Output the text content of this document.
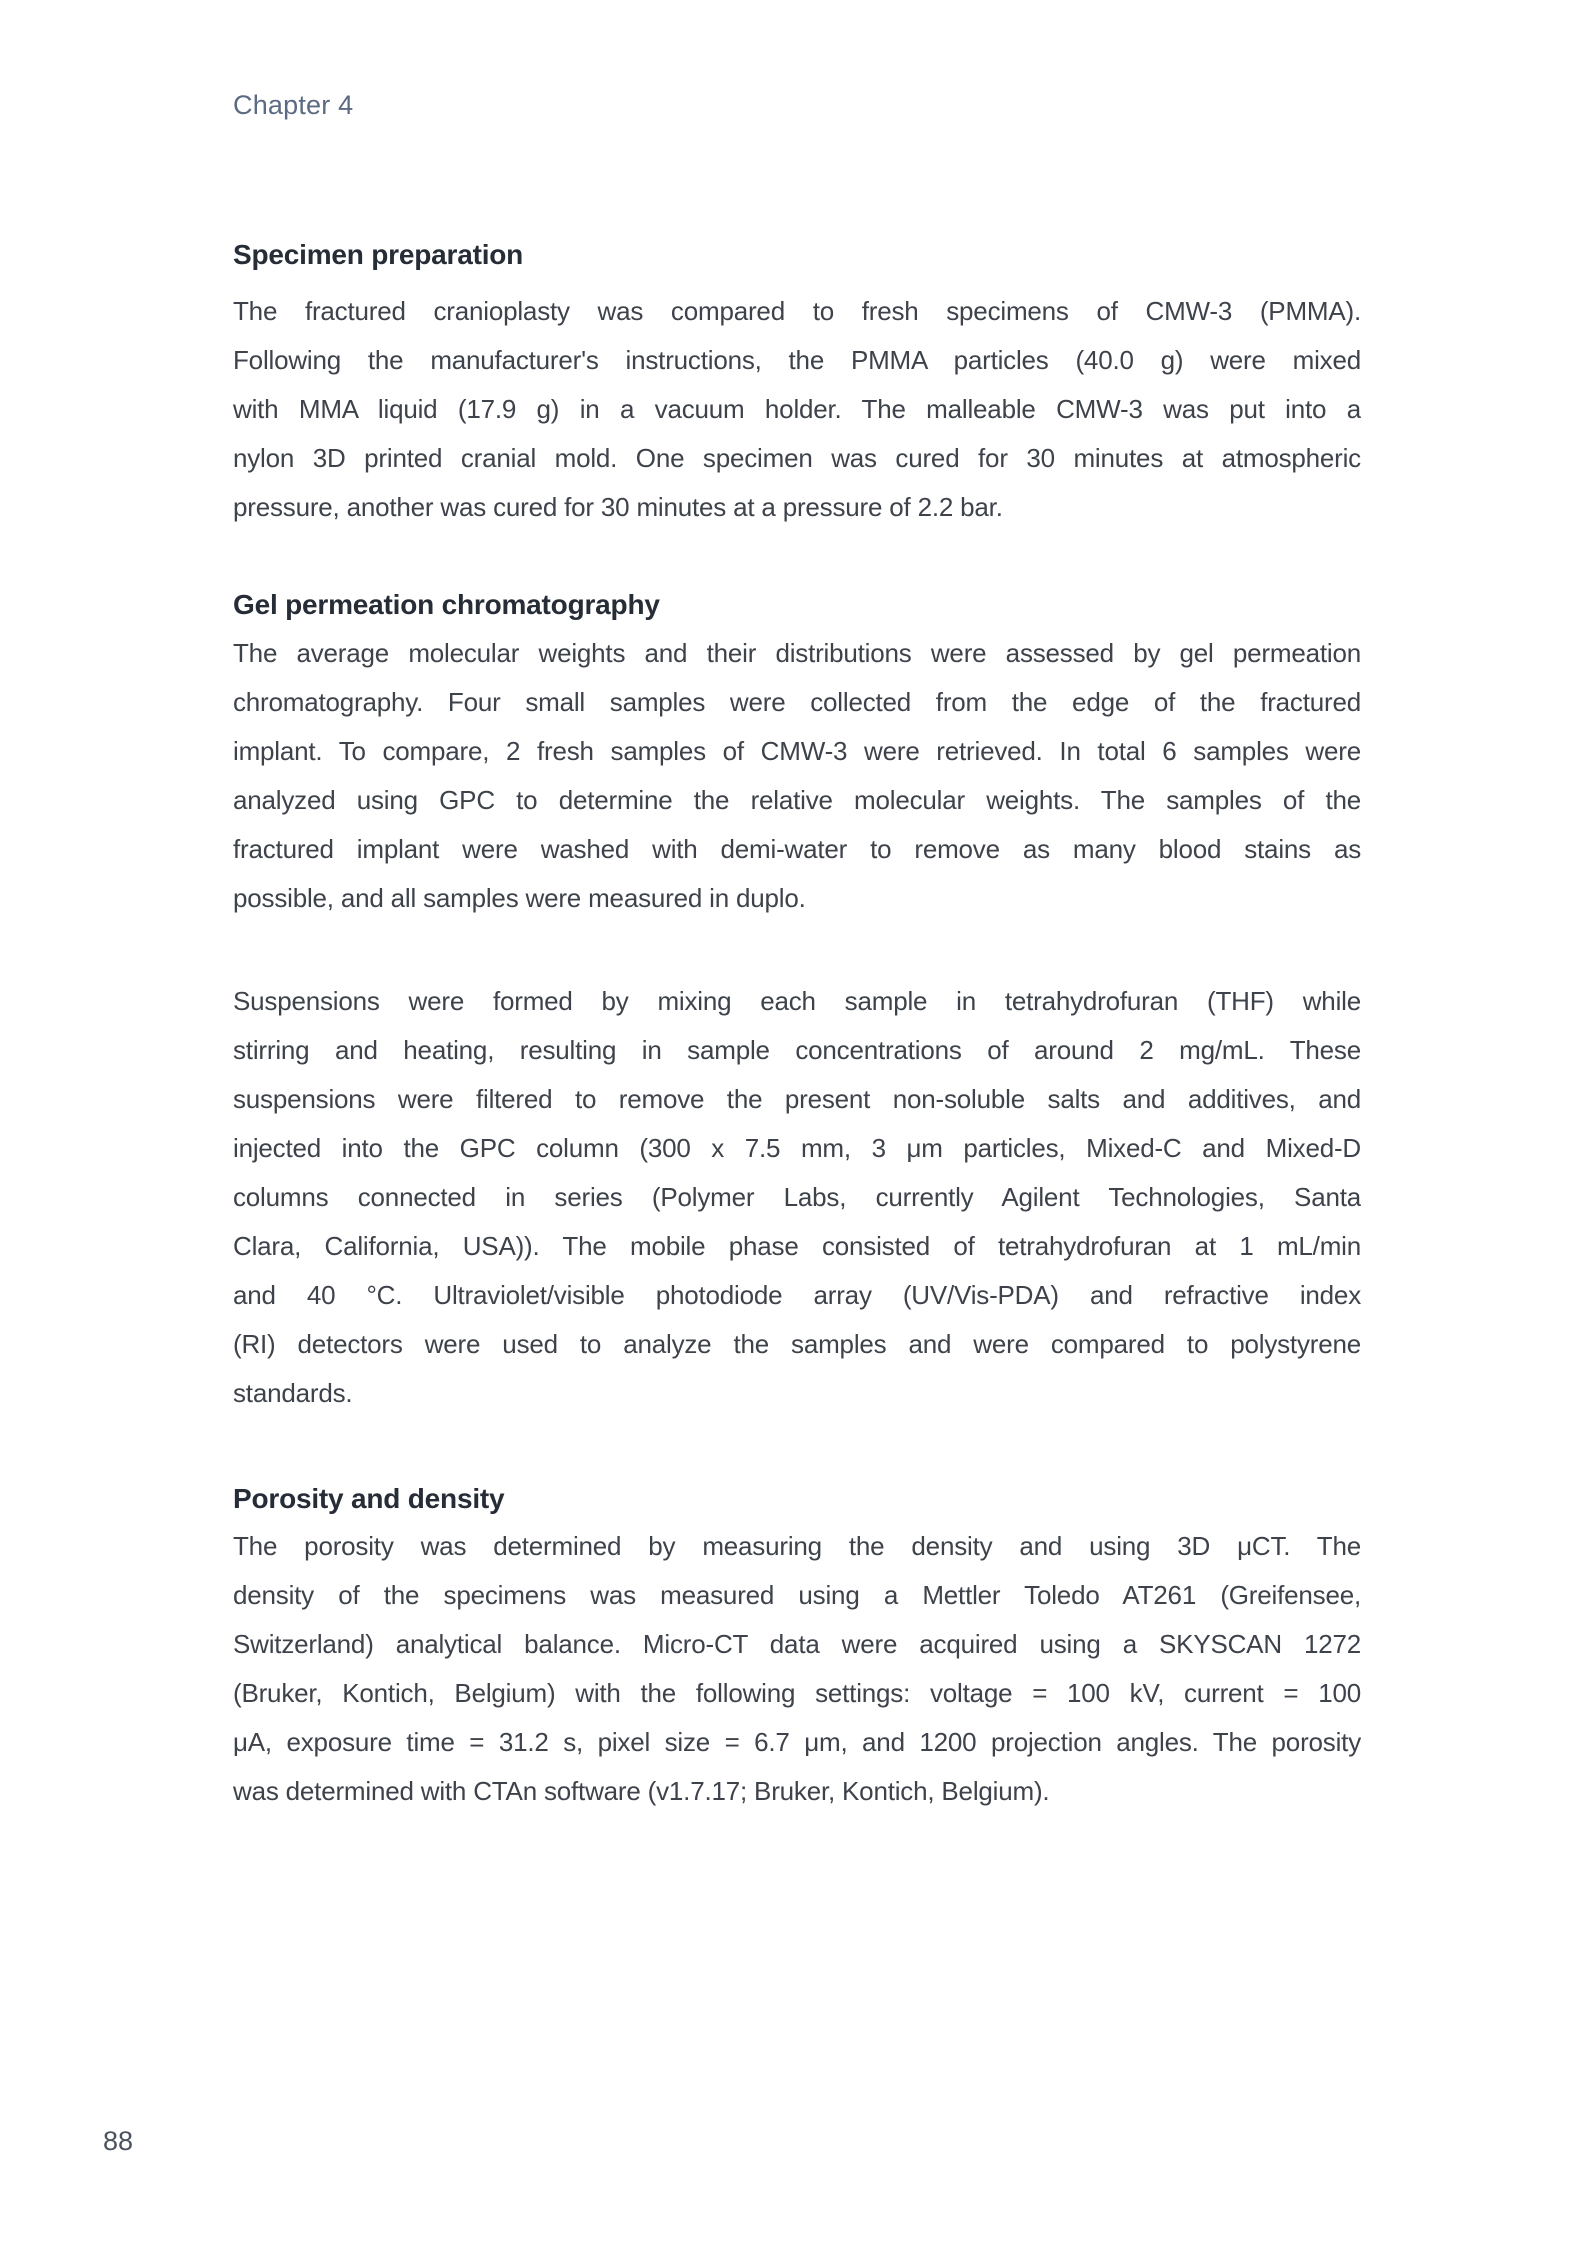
Chapter 4
Specimen preparation
The fractured cranioplasty was compared to fresh specimens of CMW-3 (PMMA).
Following the manufacturer's instructions, the PMMA particles (40.0 g) were mixed
with MMA liquid (17.9 g) in a vacuum holder. The malleable CMW-3 was put into a
nylon 3D printed cranial mold. One specimen was cured for 30 minutes at atmospheric
pressure, another was cured for 30 minutes at a pressure of 2.2 bar.
Gel permeation chromatography
The average molecular weights and their distributions were assessed by gel permeation
chromatography. Four small samples were collected from the edge of the fractured
implant. To compare, 2 fresh samples of CMW-3 were retrieved. In total 6 samples were
analyzed using GPC to determine the relative molecular weights. The samples of the
fractured implant were washed with demi-water to remove as many blood stains as
possible, and all samples were measured in duplo.
Suspensions were formed by mixing each sample in tetrahydrofuran (THF) while
stirring and heating, resulting in sample concentrations of around 2 mg/mL. These
suspensions were filtered to remove the present non-soluble salts and additives, and
injected into the GPC column (300 x 7.5 mm, 3 μm particles, Mixed-C and Mixed-D
columns connected in series (Polymer Labs, currently Agilent Technologies, Santa
Clara, California, USA)). The mobile phase consisted of tetrahydrofuran at 1 mL/min
and 40 °C. Ultraviolet/visible photodiode array (UV/Vis-PDA) and refractive index
(RI) detectors were used to analyze the samples and were compared to polystyrene
standards.
Porosity and density
The porosity was determined by measuring the density and using 3D μCT. The
density of the specimens was measured using a Mettler Toledo AT261 (Greifensee,
Switzerland) analytical balance. Micro-CT data were acquired using a SKYSCAN 1272
(Bruker, Kontich, Belgium) with the following settings: voltage = 100 kV, current = 100
μA, exposure time = 31.2 s, pixel size = 6.7 μm, and 1200 projection angles. The porosity
was determined with CTAn software (v1.7.17; Bruker, Kontich, Belgium).
88
